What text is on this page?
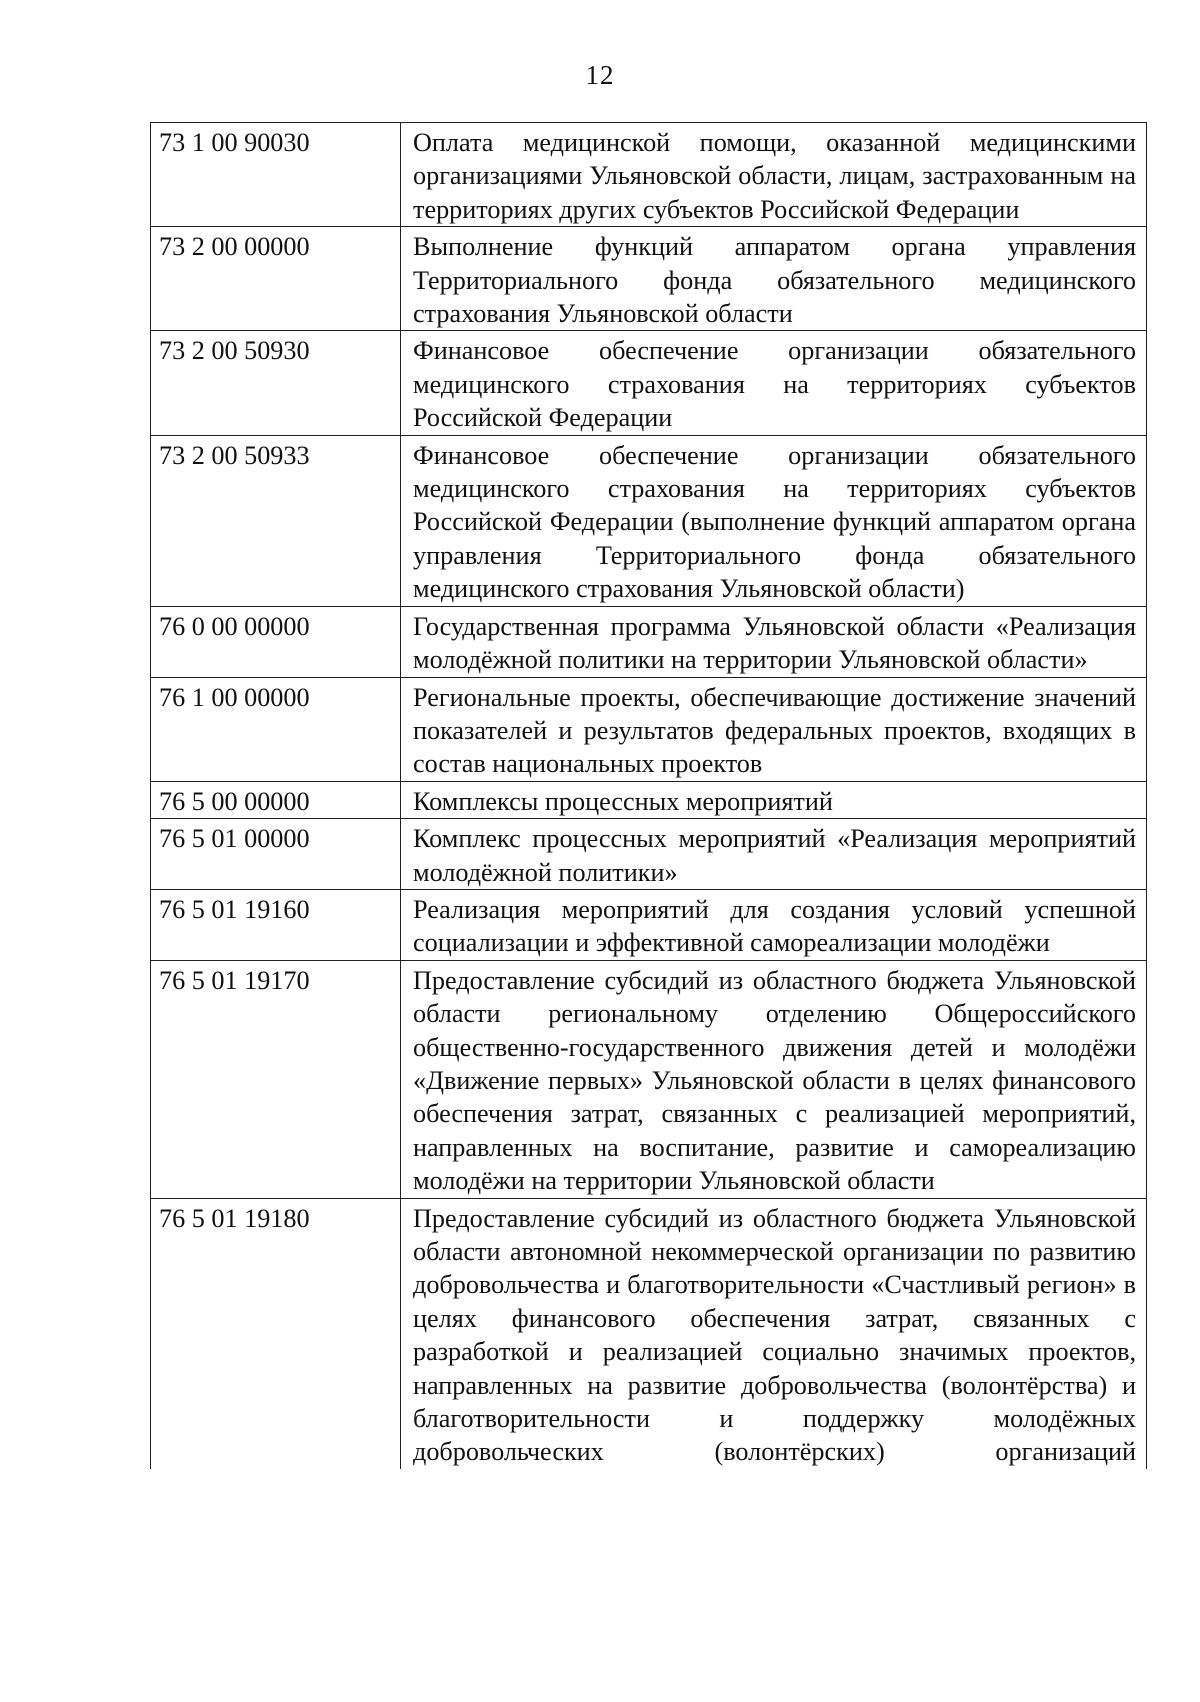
12
73 1 00 90030	Оплата медицинской помощи, оказанной медицинскими организациями Ульяновской области, лицам, застрахованным на территориях других субъектов Российской Федерации
73 2 00 00000	Выполнение функций аппаратом органа управления Территориального фонда обязательного медицинского страхования Ульяновской области
73 2 00 50930	Финансовое обеспечение организации обязательного медицинского страхования на территориях субъектов Российской Федерации
73 2 00 50933	Финансовое обеспечение организации обязательного медицинского страхования на территориях субъектов Российской Федерации (выполнение функций аппаратом органа управления Территориального фонда обязательного медицинского страхования Ульяновской области)
76 0 00 00000	Государственная программа Ульяновской области «Реализация молодёжной политики на территории Ульяновской области»
76 1 00 00000	Региональные проекты, обеспечивающие достижение значений показателей и результатов федеральных проектов, входящих в состав национальных проектов
76 5 00 00000	Комплексы процессных мероприятий
76 5 01 00000	Комплекс процессных мероприятий «Реализация мероприятий молодёжной политики»
76 5 01 19160	Реализация мероприятий для создания условий успешной социализации и эффективной самореализации молодёжи
76 5 01 19170	Предоставление субсидий из областного бюджета Ульяновской области региональному отделению Общероссийского общественно-государственного движения детей и молодёжи «Движение первых» Ульяновской области в целях финансового обеспечения затрат, связанных с реализацией мероприятий, направленных на воспитание, развитие и самореализацию молодёжи на территории Ульяновской области
76 5 01 19180	Предоставление субсидий из областного бюджета Ульяновской области автономной некоммерческой организации по развитию добровольчества и благотворительности «Счастливый регион» в целях финансового обеспечения затрат, связанных с разработкой и реализацией социально значимых проектов, направленных на развитие добровольчества (волонтёрства) и благотворительности и поддержку молодёжных добровольческих (волонтёрских) организаций
